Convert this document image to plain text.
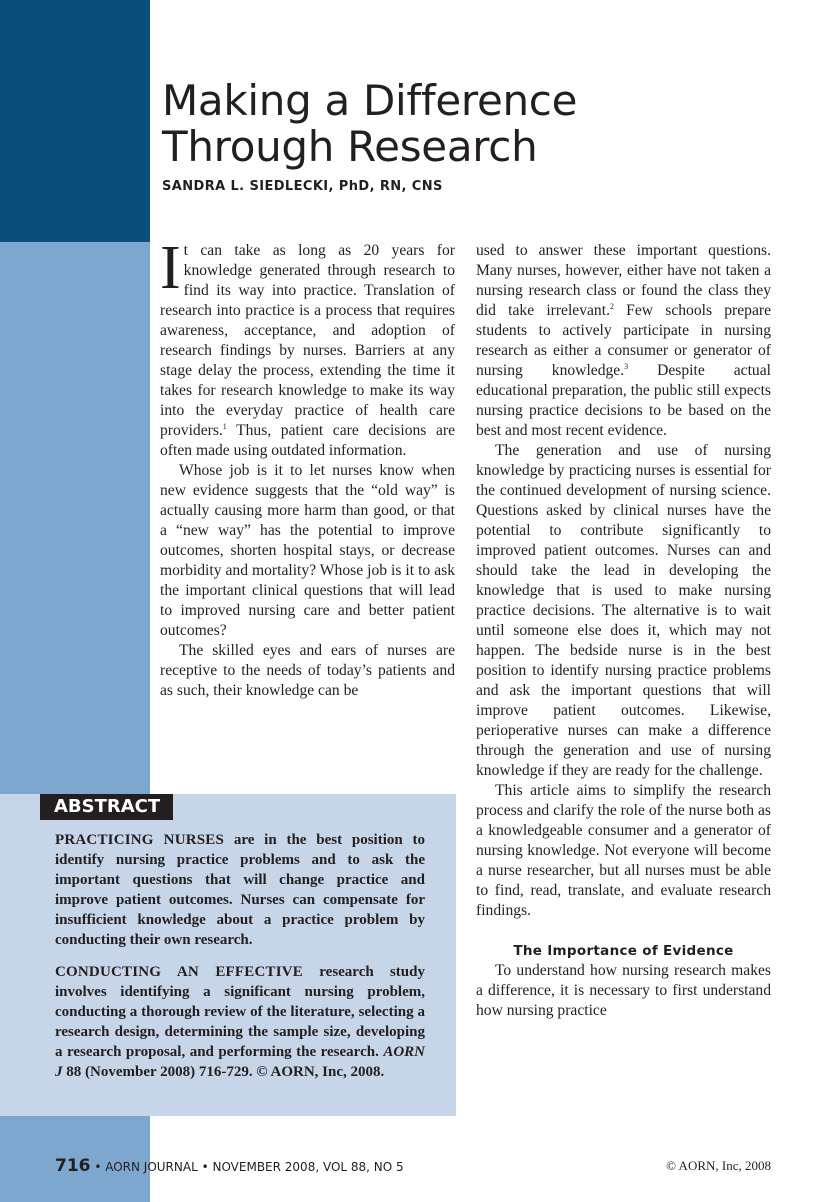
Making a Difference
Through Research
SANDRA L. SIEDLECKI, PhD, RN, CNS

It can take as long as 20 years for knowledge generated through research to find its way into practice. Translation of research into practice is a process that requires awareness, acceptance, and adoption of research findings by nurses. Barriers at any stage delay the process, extending the time it takes for research knowledge to make its way into the everyday practice of health care providers.$^1$ Thus, patient care decisions are often made using outdated information.

Whose job is it to let nurses know when new evidence suggests that the “old way” is actually causing more harm than good, or that a “new way” has the potential to improve outcomes, shorten hospital stays, or decrease morbidity and mortality? Whose job is it to ask the important clinical questions that will lead to improved nursing care and better patient outcomes?

The skilled eyes and ears of nurses are receptive to the needs of today’s patients and as such, their knowledge can be

used to answer these important questions. Many nurses, however, either have not taken a nursing research class or found the class they did take irrelevant.$^2$ Few schools prepare students to actively participate in nursing research as either a consumer or generator of nursing knowledge.$^3$ Despite actual educational preparation, the public still expects nursing practice decisions to be based on the best and most recent evidence.

The generation and use of nursing knowledge by practicing nurses is essential for the continued development of nursing science. Questions asked by clinical nurses have the potential to contribute significantly to improved patient outcomes. Nurses can and should take the lead in developing the knowledge that is used to make nursing practice decisions. The alternative is to wait until someone else does it, which may not happen. The bedside nurse is in the best position to identify nursing practice problems and ask the important questions that will improve patient outcomes. Likewise, perioperative nurses can make a difference through the generation and use of nursing knowledge if they are ready for the challenge.

This article aims to simplify the research process and clarify the role of the nurse both as a knowledgeable consumer and a generator of nursing knowledge. Not everyone will become a nurse researcher, but all nurses must be able to find, read, translate, and evaluate research findings.

The Importance of Evidence

To understand how nursing research makes a difference, it is necessary to first understand how nursing practice

ABSTRACT

PRACTICING NURSES are in the best position to identify nursing practice problems and to ask the important questions that will change practice and improve patient outcomes. Nurses can compensate for insufficient knowledge about a practice problem by conducting their own research.

CONDUCTING AN EFFECTIVE research study involves identifying a significant nursing problem, conducting a thorough review of the literature, selecting a research design, determining the sample size, developing a research proposal, and performing the research. AORN J 88 (November 2008) 716-729. © AORN, Inc, 2008.

716 • AORN JOURNAL • NOVEMBER 2008, VOL 88, NO 5	© AORN, Inc, 2008
